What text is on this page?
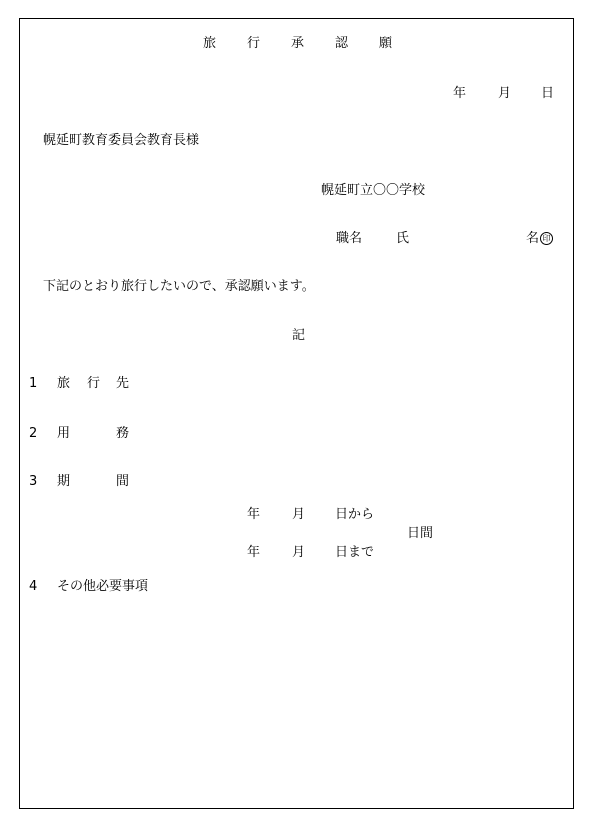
旅 行 承 認 願
年 月 日
幌延町教育委員会教育長様
幌延町立〇〇学校
職名	氏	名 印
下記のとおり旅行したいので、承認願います。
記
1 旅 行 先
2 用	務
3 期	間
年 月 日から
日間
年 月 日まで
4 その他必要事項
